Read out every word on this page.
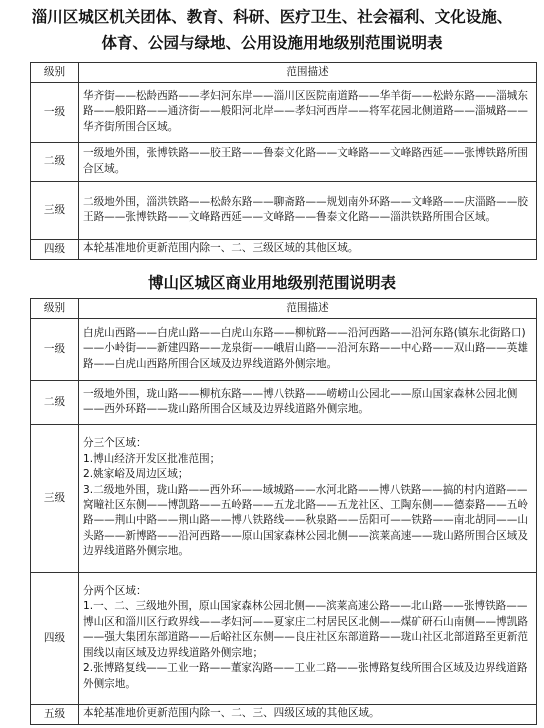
淄川区城区机关团体、教育、科研、医疗卫生、社会福利、文化设施、
体育、公园与绿地、公用设施用地级别范围说明表
级别	范围描述
一级	华齐街——松龄西路——孝妇河东岸——淄川区医院南道路——华羊街——松龄东路——淄城东路——般阳路——通济街——般阳河北岸——孝妇河西岸——将军花园北侧道路——淄城路——华齐街所围合区域。
二级	一级地外围，张博铁路——胶王路——鲁泰文化路——文峰路——文峰路西延——张博铁路所围合区域。
三级	二级地外围，淄洪铁路——松龄东路——聊斋路——规划南外环路——文峰路——庆淄路——胶王路——张博铁路——文峰路西延——文峰路——鲁泰文化路——淄洪铁路所围合区域。
四级	本轮基准地价更新范围内除一、二、三级区域的其他区域。
博山区城区商业用地级别范围说明表
级别	范围描述
一级	白虎山西路——白虎山路——白虎山东路——柳杭路——沿河西路——沿河东路(镇东北街路口)——小岭街——新建四路——龙泉街——峨眉山路——沿河东路——中心路——双山路——英雄路——白虎山西路所围合区域及边界线道路外侧宗地。
二级	一级地外围，珑山路——柳杭东路——博八铁路——崂崂山公园北——原山国家森林公园北侧——西外环路——珑山路所围合区域及边界线道路外侧宗地。
三级	分三个区域：
1.博山经济开发区批准范围；
2.姚家峪及周边区域；
3.二级地外围，珑山路——西外环——域城路——水河北路——博八铁路——搞的村内道路——窝疃社区东侧——博凯路——五岭路——五龙北路——五龙社区、工陶东侧——德泰路——五岭路——荆山中路——荆山路——博八铁路线——秋泉路——岳阳可——铁路——南北胡同——山头路——新博路——沿河西路——原山国家森林公园北侧——滨莱高速——珑山路所围合区域及边界线道路外侧宗地。

四级	分两个区域：
1.一、二、三级地外围，原山国家森林公园北侧——滨莱高速公路——北山路——张博铁路——博山区和淄川区行政界线——孝妇河——夏家庄二村居民区北侧——煤矿研石山南侧——博凯路——强大集团东部道路——后峪社区东侧——良庄社区东部道路——珑山社区北部道路至更新范围线以南区域及边界线道路外侧宗地；
2.张博路复线——工业一路——董家沟路——工业二路——张博路复线所围合区域及边界线道路外侧宗地。

五级	本轮基准地价更新范围内除一、二、三、四级区域的其他区域。
